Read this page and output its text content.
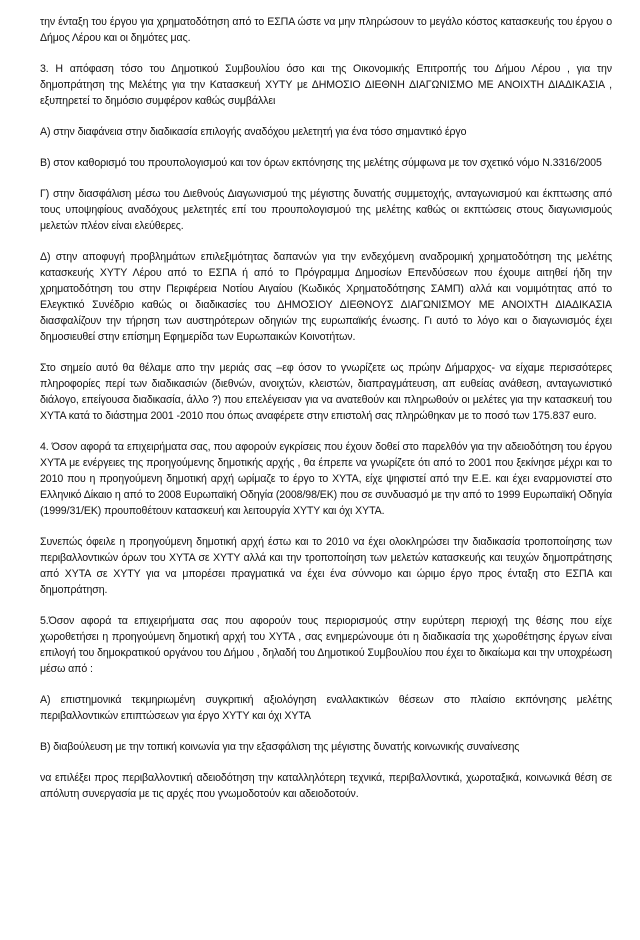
την ένταξη του έργου για χρηματοδότηση από το ΕΣΠΑ ώστε να μην πληρώσουν το μεγάλο κόστος κατασκευής του έργου ο Δήμος Λέρου και οι δημότες μας.

3. Η απόφαση τόσο του Δημοτικού Συμβουλίου όσο και της Οικονομικής Επιτροπής του Δήμου Λέρου , για την δημοπράτηση της Μελέτης για την Κατασκευή ΧΥΤΥ με ΔΗΜΟΣΙΟ ΔΙΕΘΝΗ ΔΙΑΓΩΝΙΣΜΟ ΜΕ ΑΝΟΙΧΤΗ ΔΙΑΔΙΚΑΣΙΑ , εξυπηρετεί το δημόσιο συμφέρον καθώς συμβάλλει

Α) στην διαφάνεια στην διαδικασία επιλογής αναδόχου μελετητή για ένα τόσο σημαντικό έργο

Β) στον καθορισμό του προυπολογισμού και τον όρων εκπόνησης της μελέτης σύμφωνα με τον σχετικό νόμο Ν.3316/2005

Γ) στην διασφάλιση μέσω του Διεθνούς Διαγωνισμού της μέγιστης δυνατής συμμετοχής, ανταγωνισμού και έκπτωσης από τους υποψηφίους αναδόχους μελετητές επί του προυπολογισμού της μελέτης καθώς οι εκπτώσεις στους διαγωνισμούς μελετών πλέον είναι ελεύθερες.

Δ) στην αποφυγή προβλημάτων επιλεξιμότητας δαπανών για την ενδεχόμενη αναδρομική χρηματοδότηση της μελέτης κατασκευής ΧΥΤΥ Λέρου από το ΕΣΠΑ ή από το Πρόγραμμα Δημοσίων Επενδύσεων που έχουμε αιτηθεί ήδη την χρηματοδότηση του στην Περιφέρεια Νοτίου Αιγαίου (Κωδικός Χρηματοδότησης ΣΑΜΠ) αλλά και νομιμότητας από το Ελεγκτικό Συνέδριο καθώς οι διαδικασίες του ΔΗΜΟΣΙΟΥ ΔΙΕΘΝΟΥΣ ΔΙΑΓΩΝΙΣΜΟΥ ΜΕ ΑΝΟΙΧΤΗ ΔΙΑΔΙΚΑΣΙΑ διασφαλίζουν την τήρηση των αυστηρότερων οδηγιών της ευρωπαϊκής ένωσης. Γι αυτό το λόγο και ο διαγωνισμός έχει δημοσιευθεί στην επίσημη Εφημερίδα των Ευρωπαικών Κοινοτήτων.

Στο σημείο αυτό θα θέλαμε απο την μεριάς σας –εφ όσον το γνωρίζετε ως πρώην Δήμαρχος- να είχαμε περισσότερες πληροφορίες περί των διαδικασιών (διεθνών, ανοιχτών, κλειστών, διαπραγμάτευση, απ ευθείας ανάθεση, ανταγωνιστικό διάλογο, επείγουσα διαδικασία, άλλο ?) που επελέγεισαν για να ανατεθούν και πληρωθούν οι μελέτες για την κατασκευή του ΧΥΤΑ κατά το διάστημα 2001 -2010 που όπως αναφέρετε στην επιστολή σας πληρώθηκαν με το ποσό των 175.837 euro.

4. Όσον αφορά τα επιχειρήματα σας, που αφορούν εγκρίσεις που έχουν δοθεί στο παρελθόν για την αδειοδότηση του έργου ΧΥΤΑ με ενέργειες της προηγούμενης δημοτικής αρχής , θα έπρεπε να γνωρίζετε ότι από το 2001 που ξεκίνησε μέχρι και το 2010 που η προηγούμενη δημοτική αρχή ωρίμαζε το έργο το ΧΥΤΑ, είχε ψηφιστεί από την Ε.Ε. και έχει εναρμονιστεί στο Ελληνικό Δίκαιο η από το 2008 Ευρωπαϊκή Οδηγία (2008/98/ΕΚ) που σε συνδυασμό με την από το 1999 Ευρωπαϊκή Οδηγία (1999/31/ΕΚ) προυποθέτουν κατασκευή και λειτουργία ΧΥΤΥ και όχι ΧΥΤΑ.

Συνεπώς όφειλε η προηγούμενη δημοτική αρχή έστω και το 2010 να έχει ολοκληρώσει την διαδικασία τροποποίησης των περιβαλλοντικών όρων του ΧΥΤΑ σε ΧΥΤΥ αλλά και την τροποποίηση των μελετών κατασκευής και τευχών δημοπράτησης από ΧΥΤΑ σε ΧΥΤΥ για να μπορέσει πραγματικά να έχει ένα σύννομο και ώριμο έργο προς ένταξη στο ΕΣΠΑ και δημοπράτηση.

5.Όσον αφορά τα επιχειρήματα σας που αφορούν τους περιορισμούς στην ευρύτερη περιοχή της θέσης που είχε χωροθετήσει η προηγούμενη δημοτική αρχή του ΧΥΤΑ , σας ενημερώνουμε ότι η διαδικασία της χωροθέτησης έργων είναι επιλογή του δημοκρατικού οργάνου του Δήμου , δηλαδή του Δημοτικού Συμβουλίου που έχει το δικαίωμα και την υποχρέωση μέσω από :

Α) επιστημονικά τεκμηριωμένη συγκριτική αξιολόγηση εναλλακτικών θέσεων στο πλαίσιο εκπόνησης μελέτης περιβαλλοντικών επιπτώσεων για έργο ΧΥΤΥ και όχι ΧΥΤΑ

Β) διαβούλευση με την τοπική κοινωνία για την εξασφάλιση της μέγιστης δυνατής κοινωνικής συναίνεσης

να επιλέξει προς περιβαλλοντική αδειοδότηση την καταλληλότερη τεχνικά, περιβαλλοντικά, χωροταξικά, κοινωνικά θέση σε απόλυτη συνεργασία με τις αρχές που γνωμοδοτούν και αδειοδοτούν.
